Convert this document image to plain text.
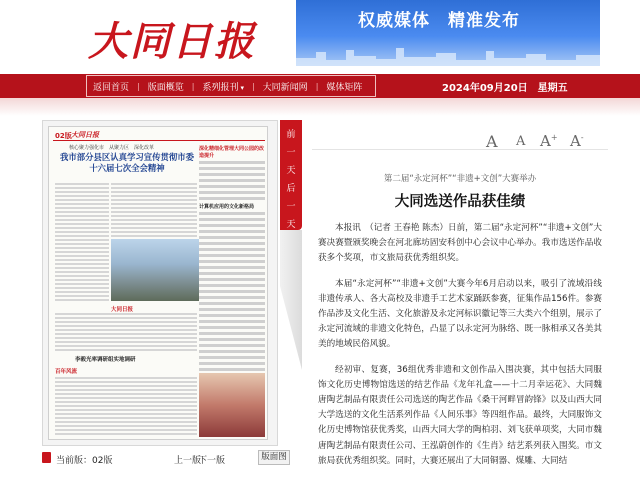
大同日报	权威媒体　精准发布
返回首页 | 版面概览 | 系列报刊 ▾ | 大同新闻网 | 媒体矩阵	2024年09月20日　星期五
02版 大同日报
核心聚力强化市　从聚力区　深化改革
我市部分县区认真学习宣传贯彻市委十六届七次全会精神
深化精细化管理大同公园的改造提升
计算机应用的文化新格局
大同日报
李毅光率调研组实地调研
百年风流
前一天　后一天
当前版：02版	上一版
下一版	版面图
A A A+ A-
第二届“永定河杯”“非遗+文创”大赛举办
大同选送作品获佳绩

本报讯　（记者 王春艳 陈杰）日前，第二届“永定河杯”“非遗+文创”大赛决赛暨颁奖晚会在河北廊坊固安科创中心会议中心举办。我市选送作品收获多个奖项，市文旅局获优秀组织奖。

本届“永定河杯”“非遗+文创”大赛今年6月启动以来，吸引了流域沿线非遗传承人、各大高校及非遗手工艺术家踊跃参赛，征集作品156件。参赛作品涉及文化生活、文化旅游及永定河标识徽记等三大类六个组别，展示了永定河流域的非遗文化特色，凸显了以永定河为脉络、既一脉相承又各美其美的地域民俗风貌。

经初审、复赛，36组优秀非遗和文创作品入围决赛，其中包括大同服饰文化历史博物馆选送的结艺作品《龙年礼盒——十二月幸运花》、大同魏唐陶艺制品有限责任公司选送的陶艺作品《桑干河畔冒韵锋》以及山西大同大学选送的文化生活系列作品《人间乐事》等四组作品。最终，大同服饰文化历史博物馆获优秀奖，山西大同大学的陶柏羽、刘飞获单项奖，大同市魏唐陶艺制品有限责任公司、王泓蔚创作的《生肖》结艺系列获入围奖。市文旅局获优秀组织奖。同时，大赛还展出了大同铜器、煤雕、大同结
